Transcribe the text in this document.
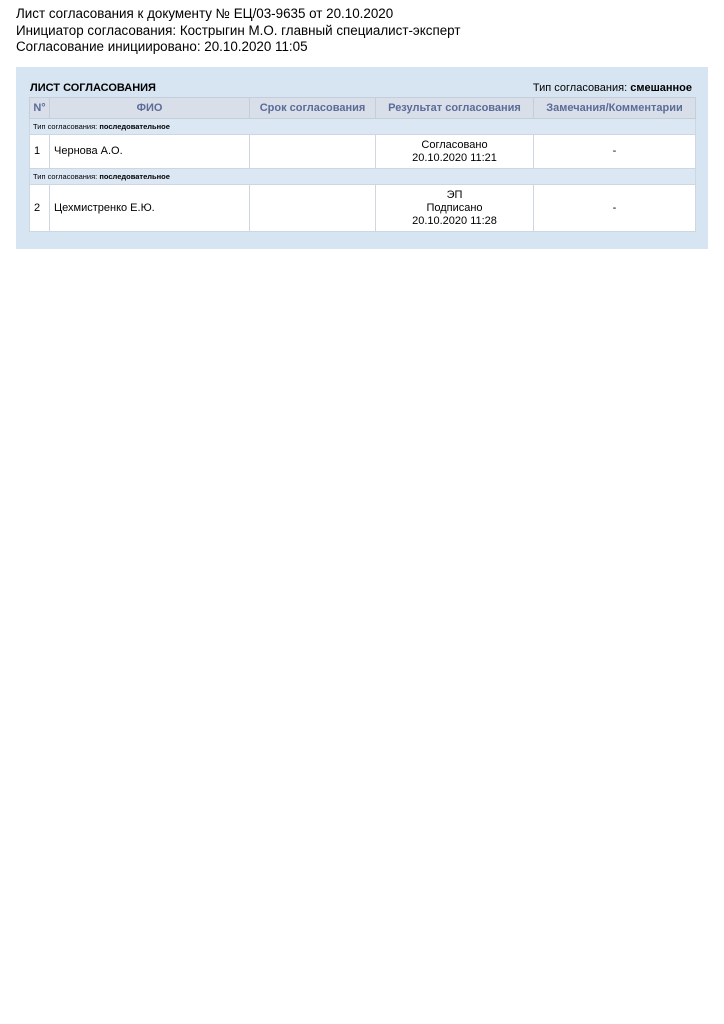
Лист согласования к документу № ЕЦ/03-9635 от 20.10.2020
Инициатор согласования: Кострыгин М.О. главный специалист-эксперт
Согласование инициировано: 20.10.2020 11:05
ЛИСТ СОГЛАСОВАНИЯ	Тип согласования: смешанное
N°	ФИО	Срок согласования	Результат согласования	Замечания/Комментарии
Тип согласования: последовательное				
1	Чернова А.О.		Согласовано
20.10.2020 11:21	-
Тип согласования: последовательное				
2	Цехмистренко Е.Ю.		ЭП
Подписано
20.10.2020 11:28	-
